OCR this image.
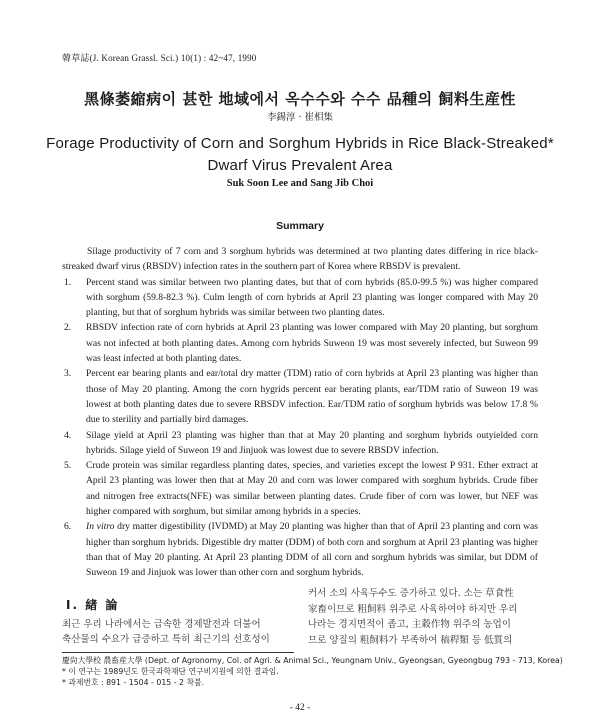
韓草誌(J. Korean Grassl. Sci.) 10(1) : 42~47, 1990
黑條萎縮病이 甚한 地域에서 옥수수와 수수 品種의 飼料生産性
李錫淳 · 崔相集
Forage Productivity of Corn and Sorghum Hybrids in Rice Black-Streaked*
Dwarf Virus Prevalent Area
Suk Soon Lee and Sang Jib Choi
Summary

Silage productivity of 7 corn and 3 sorghum hybrids was determined at two planting dates differing in rice black-streaked dwarf virus (RBSDV) infection rates in the southern part of Korea where RBSDV is prevalent.

1. Percent stand was similar between two planting dates, but that of corn hybrids (85.0-99.5 %) was higher compared with sorghum (59.8-82.3 %). Culm length of corn hybrids at April 23 planting was longer compared with May 20 planting, but that of sorghum hybrids was similar between two planting dates.
2. RBSDV infection rate of corn hybrids at April 23 planting was lower compared with May 20 planting, but sorghum was not infected at both planting dates. Among corn hybrids Suweon 19 was most severely infected, but Suweon 99 was least infected at both planting dates.
3. Percent ear bearing plants and ear/total dry matter (TDM) ratio of corn hybrids at April 23 planting was higher than those of May 20 planting. Among the corn hygrids percent ear berating plants, ear/TDM ratio of Suweon 19 was lowest at both planting dates due to severe RBSDV infection. Ear/TDM ratio of sorghum hybrids was below 17.8 % due to sterility and partially bird damages.
4. Silage yield at April 23 planting was higher than that at May 20 planting and sorghum hybrids outyielded corn hybrids. Silage yield of Suweon 19 and Jinjuok was lowest due to severe RBSDV infection.
5. Crude protein was similar regardless planting dates, species, and varieties except the lowest P 931. Ether extract at April 23 planting was lower then that at May 20 and corn was lower compared with sorghum hybrids. Crude fiber and nitrogen free extracts(NFE) was similar between planting dates. Crude fiber of corn was lower, but NEF was higher compared with sorghum, but similar among hybrids in a species.
6. In vitro dry matter digestibility (IVDMD) at May 20 planting was higher than that of April 23 planting and corn was higher than sorghum hybrids. Digestible dry matter (DDM) of both corn and sorghum at April 23 planting was higher than that of May 20 planting. At April 23 planting DDM of all corn and sorghum hybrids was similar, but DDM of Suweon 19 and Jinjuok was lower than other corn and sorghum hybrids.
Ⅰ. 緖 論
최근 우리 나라에서는 급속한 경제발전과 더불어
축산물의 수요가 급증하고 특히 최근기의 선호성이
커서 소의 사육두수도 증가하고 있다. 소는 草食性
家畜이므로 粗飼料 위주로 사육하여야 하지만 우리
나라는 경지면적이 좁고, 主穀作物 위주의 농업이
므로 양질의 粗飼料가 부족하여 稿稈類 등 低質의
慶尙大學校 農畜産大學 (Dept. of Agronomy, Col. of Agri. & Animal Sci., Yeungnam Univ., Gyeongsan, Gyeongbug 793 - 713, Korea)
* 이 연구는 1989년도 한국과학재단 연구비지원에 의한 결과임.
* 과제번호 : 891 - 1504 - 015 - 2 착불.
- 42 -
